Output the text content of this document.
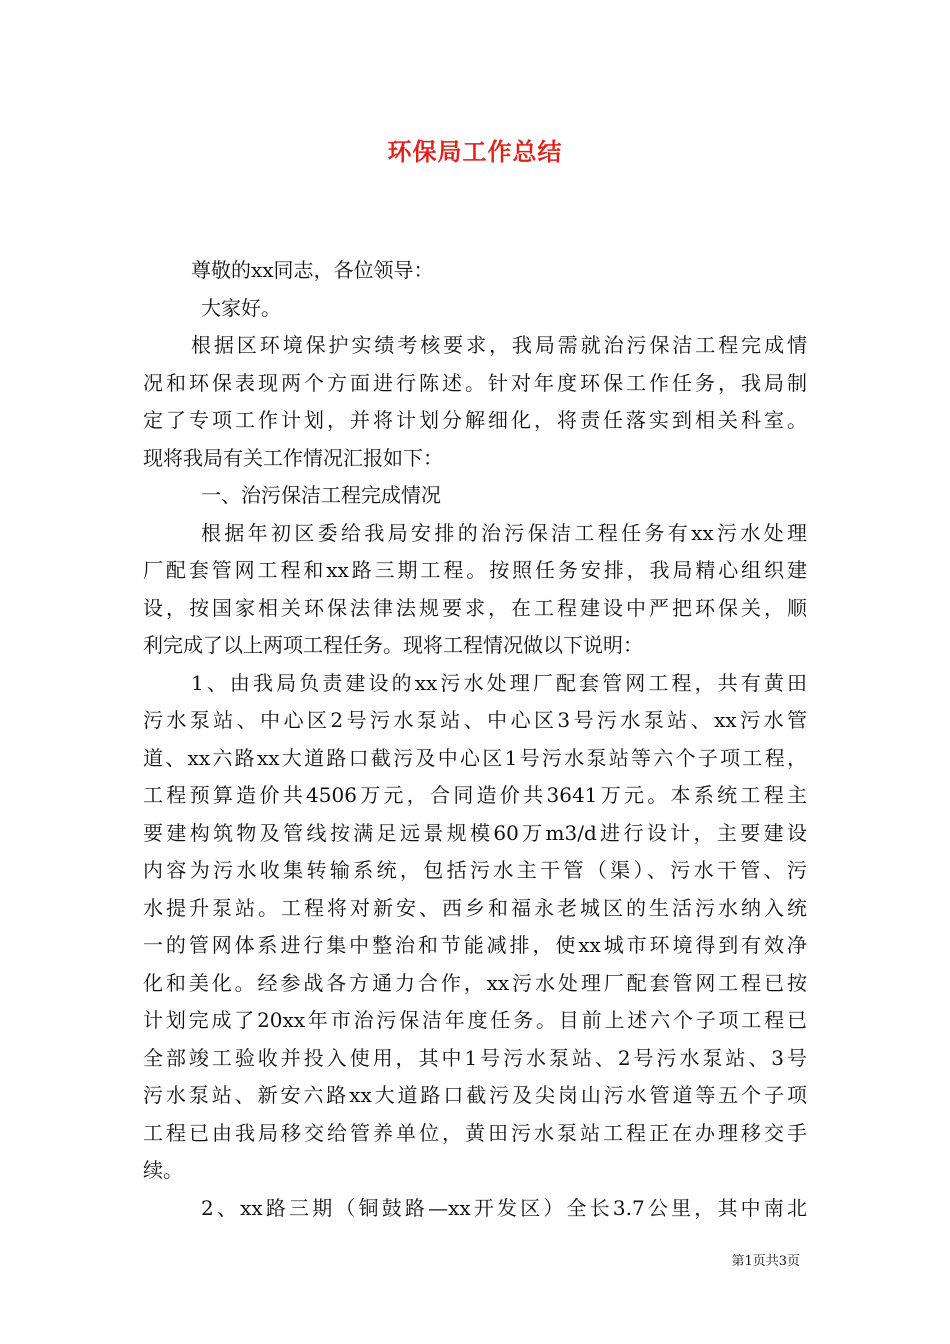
环保局工作总结
尊敬的xx同志，各位领导：
大家好。
根据区环境保护实绩考核要求，我局需就治污保洁工程完成情
况和环保表现两个方面进行陈述。针对年度环保工作任务，我局制
定了专项工作计划，并将计划分解细化，将责任落实到相关科室。
现将我局有关工作情况汇报如下：
一、治污保洁工程完成情况
根据年初区委给我局安排的治污保洁工程任务有xx污水处理
厂配套管网工程和xx路三期工程。按照任务安排，我局精心组织建
设，按国家相关环保法律法规要求，在工程建设中严把环保关，顺
利完成了以上两项工程任务。现将工程情况做以下说明：
1、由我局负责建设的xx污水处理厂配套管网工程，共有黄田
污水泵站、中心区2号污水泵站、中心区3号污水泵站、xx污水管
道、xx六路xx大道路口截污及中心区1号污水泵站等六个子项工程，
工程预算造价共4506万元，合同造价共3641万元。本系统工程主
要建构筑物及管线按满足远景规模60万m3/d进行设计，主要建设
内容为污水收集转输系统，包括污水主干管（渠）、污水干管、污
水提升泵站。工程将对新安、西乡和福永老城区的生活污水纳入统
一的管网体系进行集中整治和节能减排，使xx城市环境得到有效净
化和美化。经参战各方通力合作，xx污水处理厂配套管网工程已按
计划完成了20xx年市治污保洁年度任务。目前上述六个子项工程已
全部竣工验收并投入使用，其中1号污水泵站、2号污水泵站、3号
污水泵站、新安六路xx大道路口截污及尖岗山污水管道等五个子项
工程已由我局移交给管养单位，黄田污水泵站工程正在办理移交手
续。
2、xx路三期（铜鼓路—xx开发区）全长3.7公里，其中南北
第1页共3页
